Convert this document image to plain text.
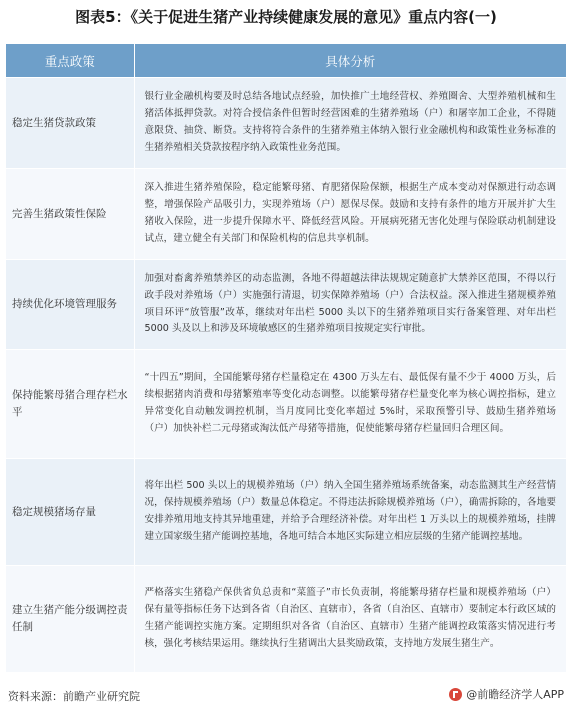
图表5：《关于促进生猪产业持续健康发展的意见》重点内容(一)
重点政策	具体分析
稳定生猪贷款政策	银行业金融机构要及时总结各地试点经验，加快推广土地经营权、养殖圈舍、大型养殖机械和生猪活体抵押贷款。对符合授信条件但暂时经营困难的生猪养殖场（户）和屠宰加工企业，不得随意限贷、抽贷、断贷。支持将符合条件的生猪养殖主体纳入银行业金融机构和政策性业务标准的生猪养殖相关贷款按程序纳入政策性业务范围。
完善生猪政策性保险	深入推进生猪养殖保险，稳定能繁母猪、育肥猪保险保额，根据生产成本变动对保额进行动态调整，增强保险产品吸引力，实现养殖场（户）愿保尽保。鼓励和支持有条件的地方开展并扩大生猪收入保险，进一步提升保障水平、降低经营风险。开展病死猪无害化处理与保险联动机制建设试点，建立健全有关部门和保险机构的信息共享机制。
持续优化环境管理服务	加强对畜禽养殖禁养区的动态监测，各地不得超越法律法规规定随意扩大禁养区范围，不得以行政手段对养殖场（户）实施强行清退，切实保障养殖场（户）合法权益。深入推进生猪规模养殖项目环评“放管服”改革，继续对年出栏 5000 头以下的生猪养殖项目实行备案管理、对年出栏 5000 头及以上和涉及环境敏感区的生猪养殖项目按规定实行审批。
保持能繁母猪合理存栏水平	“十四五”期间，全国能繁母猪存栏量稳定在 4300 万头左右、最低保有量不少于 4000 万头，后续根据猪肉消费和母猪繁殖率等变化动态调整。以能繁母猪存栏量变化率为核心调控指标，建立异常变化自动触发调控机制，当月度同比变化率超过 5%时，采取预警引导、鼓励生猪养殖场（户）加快补栏二元母猪或淘汰低产母猪等措施，促使能繁母猪存栏量回归合理区间。
稳定规模猪场存量	将年出栏 500 头以上的规模养殖场（户）纳入全国生猪养殖场系统备案，动态监测其生产经营情况，保持规模养殖场（户）数量总体稳定。不得违法拆除规模养殖场（户），确需拆除的，各地要安排养殖用地支持其异地重建，并给予合理经济补偿。对年出栏 1 万头以上的规模养殖场，挂牌建立国家级生猪产能调控基地，各地可结合本地区实际建立相应层级的生猪产能调控基地。
建立生猪产能分级调控责任制	严格落实生猪稳产保供省负总责和“菜篮子”市长负责制，将能繁母猪存栏量和规模养殖场（户）保有量等指标任务下达到各省（自治区、直辖市），各省（自治区、直辖市）要制定本行政区域的生猪产能调控实施方案。定期组织对各省（自治区、直辖市）生猪产能调控政策落实情况进行考核，强化考核结果运用。继续执行生猪调出大县奖励政策，支持地方发展生猪生产。
资料来源：前瞻产业研究院	@前瞻经济学人APP
